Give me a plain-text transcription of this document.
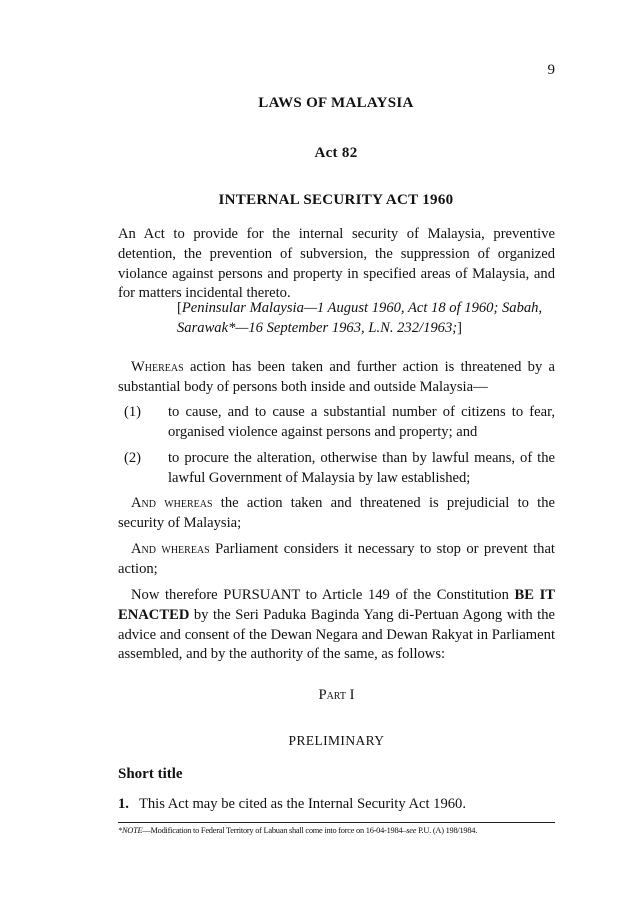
9
LAWS OF MALAYSIA
Act 82
INTERNAL SECURITY ACT 1960
An Act to provide for the internal security of Malaysia, preventive detention, the prevention of subversion, the suppression of organized violance against persons and property in specified areas of Malaysia, and for matters incidental thereto.
[Peninsular Malaysia—1 August 1960, Act 18 of 1960; Sabah, Sarawak*—16 September 1963, L.N. 232/1963;]
Whereas action has been taken and further action is threatened by a substantial body of persons both inside and outside Malaysia—
(1) to cause, and to cause a substantial number of citizens to fear, organised violence against persons and property; and
(2) to procure the alteration, otherwise than by lawful means, of the lawful Government of Malaysia by law established;
And whereas the action taken and threatened is prejudicial to the security of Malaysia;
And whereas Parliament considers it necessary to stop or prevent that action;
Now therefore PURSUANT to Article 149 of the Constitution BE IT ENACTED by the Seri Paduka Baginda Yang di-Pertuan Agong with the advice and consent of the Dewan Negara and Dewan Rakyat in Parliament assembled, and by the authority of the same, as follows:
Part I
PRELIMINARY
Short title
1. This Act may be cited as the Internal Security Act 1960.
*NOTE—Modification to Federal Territory of Labuan shall come into force on 16-04-1984–see P.U. (A) 198/1984.
